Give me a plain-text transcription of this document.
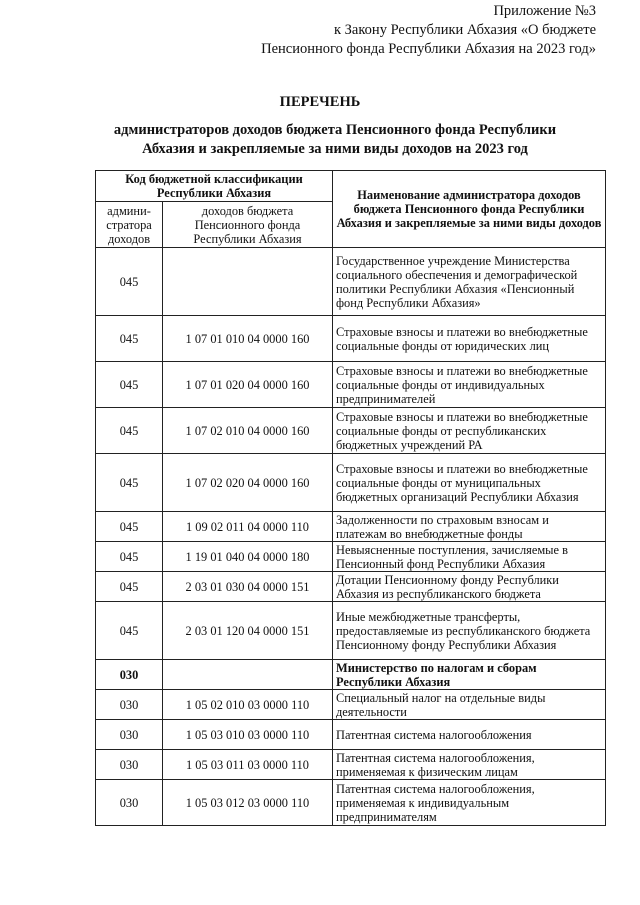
Приложение №3
к Закону Республики Абхазия «О бюджете
Пенсионного фонда Республики Абхазия на 2023 год»
ПЕРЕЧЕНЬ
администраторов доходов бюджета Пенсионного фонда Республики
Абхазия и закрепляемые за ними виды доходов на 2023 год
Код бюджетной классификации Республики Абхазия		Наименование администратора доходов бюджета Пенсионного фонда Республики Абхазия и закрепляемые за ними виды доходов
админи-стратора доходов	доходов бюджета Пенсионного фонда Республики Абхазия	
045		Государственное учреждение Министерства социального обеспечения и демографической политики Республики Абхазия «Пенсионный фонд Республики Абхазия»
045	1 07 01 010 04 0000 160	Страховые взносы и платежи во внебюджетные социальные фонды от юридических лиц
045	1 07 01 020 04 0000 160	Страховые взносы и платежи во внебюджетные социальные фонды от индивидуальных предпринимателей
045	1 07 02 010 04 0000 160	Страховые взносы и платежи во внебюджетные социальные фонды от республиканских бюджетных учреждений РА
045	1 07 02 020 04 0000 160	Страховые взносы и платежи во внебюджетные социальные фонды от муниципальных бюджетных организаций Республики Абхазия
045	1 09 02 011 04 0000 110	Задолженности по страховым взносам и платежам во внебюджетные фонды
045	1 19 01 040 04 0000 180	Невыясненные поступления, зачисляемые в Пенсионный фонд Республики Абхазия
045	2 03 01 030 04 0000 151	Дотации Пенсионному фонду Республики Абхазия из республиканского бюджета
045	2 03 01 120 04 0000 151	Иные межбюджетные трансферты, предоставляемые из республиканского бюджета Пенсионному фонду Республики Абхазия
030		Министерство по налогам и сборам Республики Абхазия
030	1 05 02 010 03 0000 110	Специальный налог на отдельные виды деятельности
030	1 05 03 010 03 0000 110	Патентная система налогообложения
030	1 05 03 011 03 0000 110	Патентная система налогообложения, применяемая к физическим лицам
030	1 05 03 012 03 0000 110	Патентная система налогообложения, применяемая к индивидуальным предпринимателям
